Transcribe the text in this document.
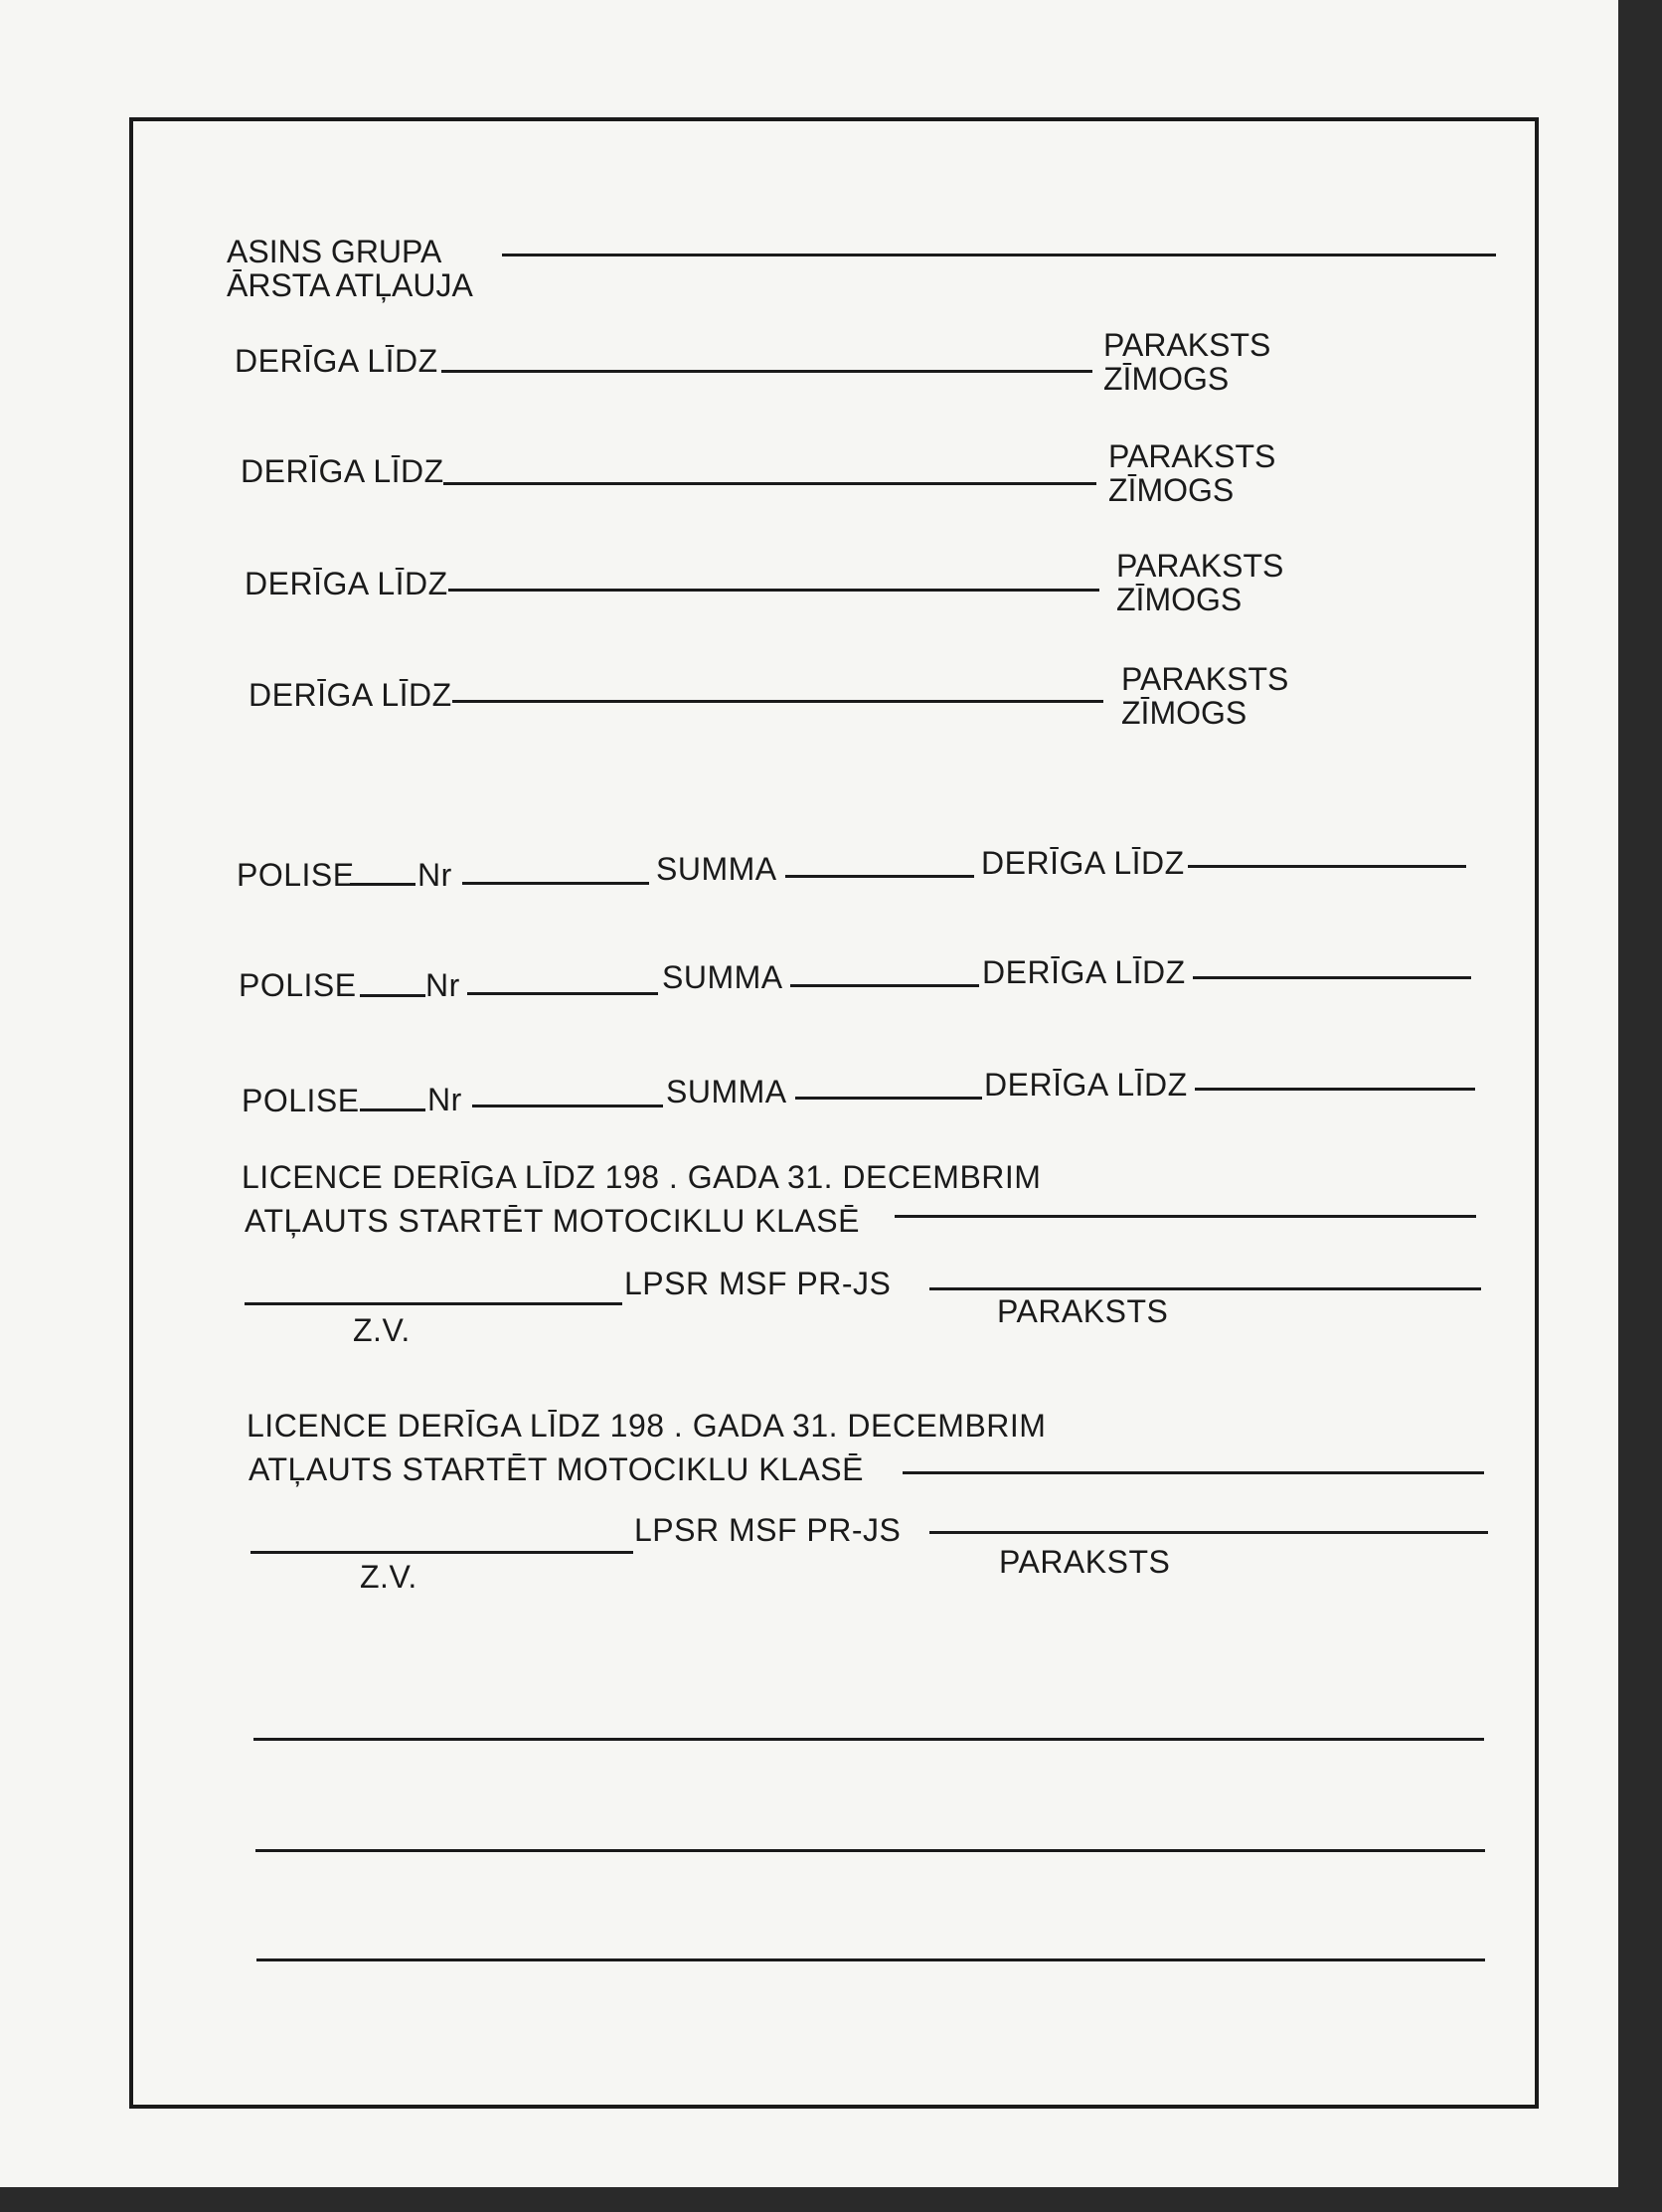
ASINS GRUPA
ĀRSTA ATĻAUJA
DERĪGA LĪDZ	PARAKSTS
ZĪMOGS
DERĪGA LĪDZ	PARAKSTS
ZĪMOGS
DERĪGA LĪDZ	PARAKSTS
ZĪMOGS
DERĪGA LĪDZ	PARAKSTS
ZĪMOGS
POLISE Nr	SUMMA	DERĪGA LĪDZ
POLISE Nr	SUMMA	DERĪGA LĪDZ
POLISE Nr	SUMMA	DERĪGA LĪDZ
LICENCE DERĪGA LĪDZ 198 . GADA 31. DECEMBRIM
ATĻAUTS STARTĒT MOTOCIKLU KLASĒ
Z.V.
LPSR MSF PR-JS
PARAKSTS
LICENCE DERĪGA LĪDZ 198 . GADA 31. DECEMBRIM
ATĻAUTS STARTĒT MOTOCIKLU KLASĒ
Z.V.
LPSR MSF PR-JS
PARAKSTS
